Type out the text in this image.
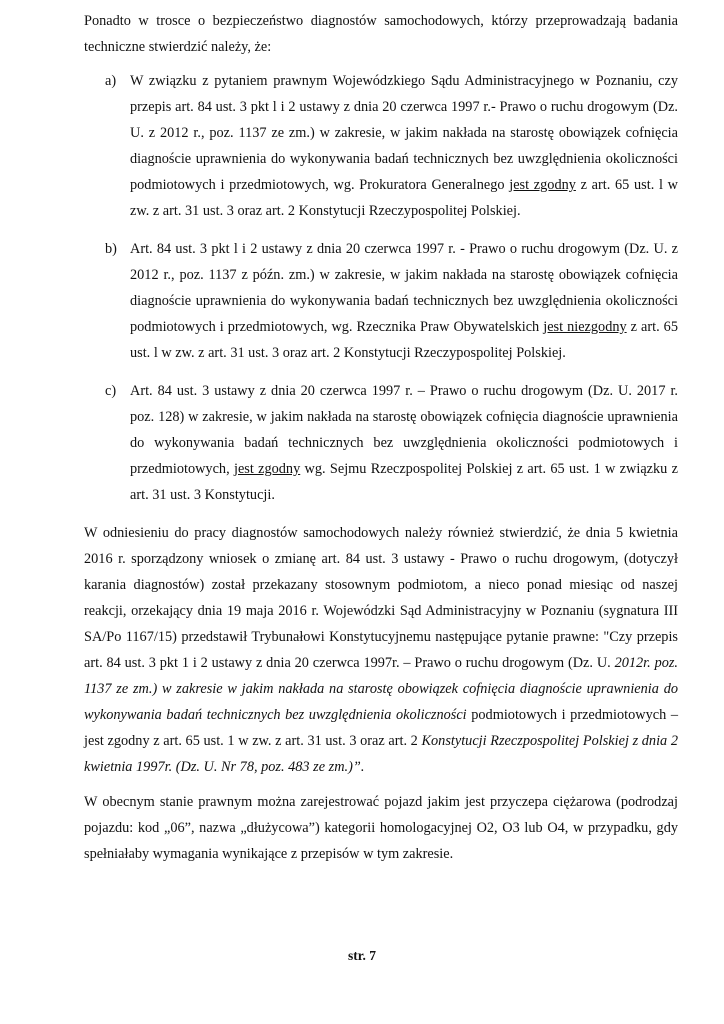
Ponadto w trosce o bezpieczeństwo diagnostów samochodowych, którzy przeprowadzają badania techniczne stwierdzić należy, że:

a) W związku z pytaniem prawnym Wojewódzkiego Sądu Administracyjnego w Poznaniu, czy przepis art. 84 ust. 3 pkt l i 2 ustawy z dnia 20 czerwca 1997 r.- Prawo o ruchu drogowym (Dz. U. z 2012 r., poz. 1137 ze zm.) w zakresie, w jakim nakłada na starostę obowiązek cofnięcia diagnoście uprawnienia do wykonywania badań technicznych bez uwzględnienia okoliczności podmiotowych i przedmiotowych, wg. Prokuratora Generalnego jest zgodny z art. 65 ust. l w zw. z art. 31 ust. 3 oraz art. 2 Konstytucji Rzeczypospolitej Polskiej.

b) Art. 84 ust. 3 pkt l i 2 ustawy z dnia 20 czerwca 1997 r. - Prawo o ruchu drogowym (Dz. U. z 2012 r., poz. 1137 z późn. zm.) w zakresie, w jakim nakłada na starostę obowiązek cofnięcia diagnoście uprawnienia do wykonywania badań technicznych bez uwzględnienia okoliczności podmiotowych i przedmiotowych, wg. Rzecznika Praw Obywatelskich jest niezgodny z art. 65 ust. l w zw. z art. 31 ust. 3 oraz art. 2 Konstytucji Rzeczypospolitej Polskiej.

c) Art. 84 ust. 3 ustawy z dnia 20 czerwca 1997 r. – Prawo o ruchu drogowym (Dz. U. 2017 r. poz. 128) w zakresie, w jakim nakłada na starostę obowiązek cofnięcia diagnoście uprawnienia do wykonywania badań technicznych bez uwzględnienia okoliczności podmiotowych i przedmiotowych, jest zgodny wg. Sejmu Rzeczpospolitej Polskiej z art. 65 ust. 1 w związku z art. 31 ust. 3 Konstytucji.

W odniesieniu do pracy diagnostów samochodowych należy również stwierdzić, że dnia 5 kwietnia 2016 r. sporządzony wniosek o zmianę art. 84 ust. 3 ustawy - Prawo o ruchu drogowym, (dotyczył karania diagnostów) został przekazany stosownym podmiotom, a nieco ponad miesiąc od naszej reakcji, orzekający dnia 19 maja 2016 r. Wojewódzki Sąd Administracyjny w Poznaniu (sygnatura III SA/Po 1167/15) przedstawił Trybunałowi Konstytucyjnemu następujące pytanie prawne: "Czy przepis art. 84 ust. 3 pkt 1 i 2 ustawy z dnia 20 czerwca 1997r. – Prawo o ruchu drogowym (Dz. U. 2012r. poz. 1137 ze zm.) w zakresie w jakim nakłada na starostę obowiązek cofnięcia diagnoście uprawnienia do wykonywania badań technicznych bez uwzględnienia okoliczności podmiotowych i przedmiotowych – jest zgodny z art. 65 ust. 1 w zw. z art. 31 ust. 3 oraz art. 2 Konstytucji Rzeczpospolitej Polskiej z dnia 2 kwietnia 1997r. (Dz. U. Nr 78, poz. 483 ze zm.)”.

W obecnym stanie prawnym można zarejestrować pojazd jakim jest przyczepa ciężarowa (podrodzaj pojazdu: kod „06”, nazwa „dłużycowa”) kategorii homologacyjnej O2, O3 lub O4, w przypadku, gdy spełniałaby wymagania wynikające z przepisów w tym zakresie.

str. 7
